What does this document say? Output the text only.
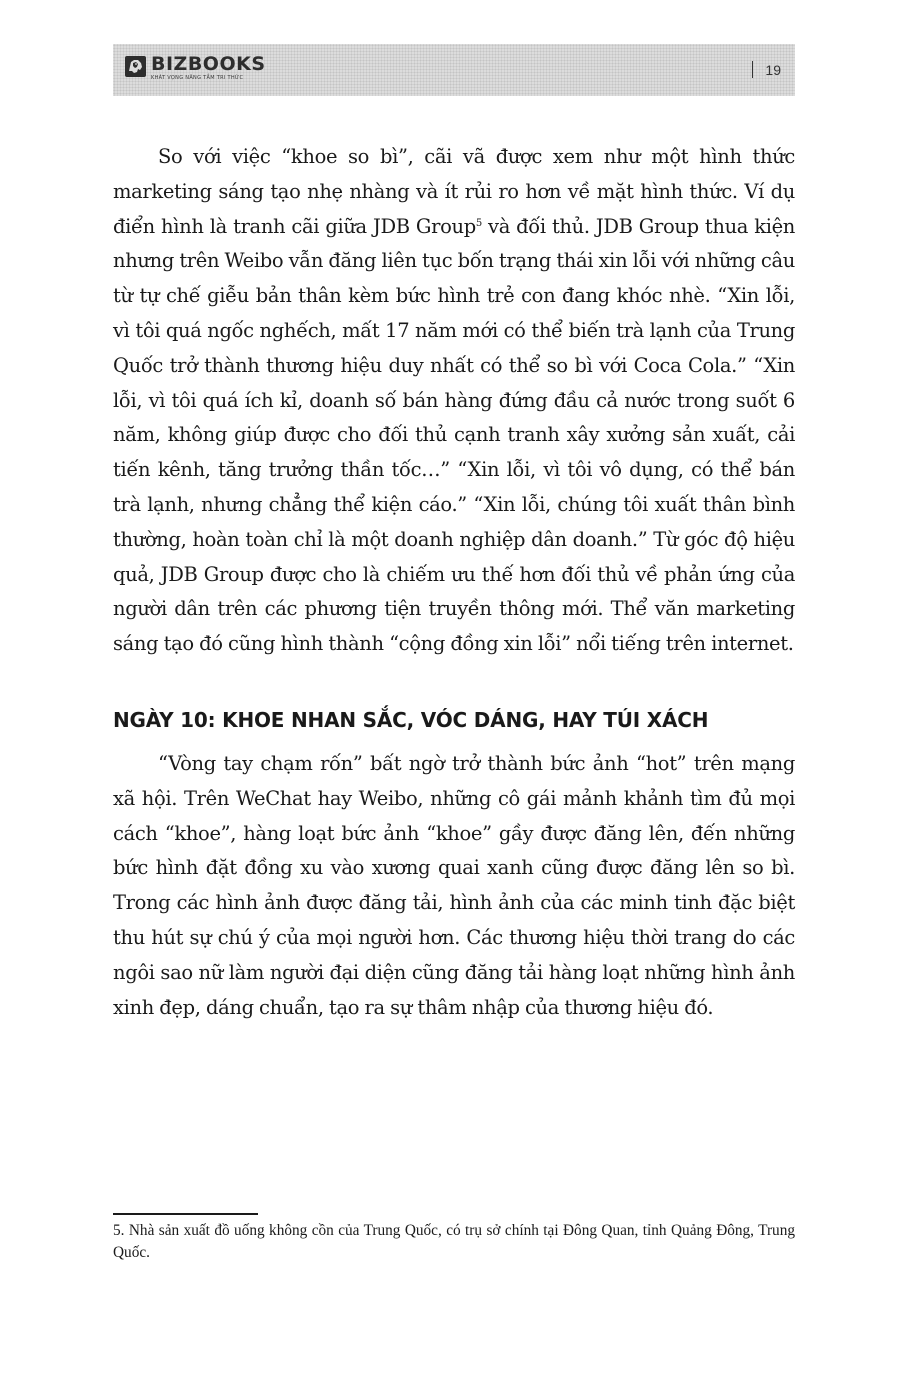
BIZBOOKS
KHÁT VỌNG NÂNG TẦM TRI THỨC
19

So với việc “khoe so bì”, cãi vã được xem như một hình thức marketing sáng tạo nhẹ nhàng và ít rủi ro hơn về mặt hình thức. Ví dụ điển hình là tranh cãi giữa JDB Group$^5$ và đối thủ. JDB Group thua kiện nhưng trên Weibo vẫn đăng liên tục bốn trạng thái xin lỗi với những câu từ tự chế giễu bản thân kèm bức hình trẻ con đang khóc nhè. “Xin lỗi, vì tôi quá ngốc nghếch, mất 17 năm mới có thể biến trà lạnh của Trung Quốc trở thành thương hiệu duy nhất có thể so bì với Coca Cola.” “Xin lỗi, vì tôi quá ích kỉ, doanh số bán hàng đứng đầu cả nước trong suốt 6 năm, không giúp được cho đối thủ cạnh tranh xây xưởng sản xuất, cải tiến kênh, tăng trưởng thần tốc…” “Xin lỗi, vì tôi vô dụng, có thể bán trà lạnh, nhưng chẳng thể kiện cáo.” “Xin lỗi, chúng tôi xuất thân bình thường, hoàn toàn chỉ là một doanh nghiệp dân doanh.” Từ góc độ hiệu quả, JDB Group được cho là chiếm ưu thế hơn đối thủ về phản ứng của người dân trên các phương tiện truyền thông mới. Thể văn marketing sáng tạo đó cũng hình thành “cộng đồng xin lỗi” nổi tiếng trên internet.

NGÀY 10: KHOE NHAN SẮC, VÓC DÁNG, HAY TÚI XÁCH

“Vòng tay chạm rốn” bất ngờ trở thành bức ảnh “hot” trên mạng xã hội. Trên WeChat hay Weibo, những cô gái mảnh khảnh tìm đủ mọi cách “khoe”, hàng loạt bức ảnh “khoe” gầy được đăng lên, đến những bức hình đặt đồng xu vào xương quai xanh cũng được đăng lên so bì. Trong các hình ảnh được đăng tải, hình ảnh của các minh tinh đặc biệt thu hút sự chú ý của mọi người hơn. Các thương hiệu thời trang do các ngôi sao nữ làm người đại diện cũng đăng tải hàng loạt những hình ảnh xinh đẹp, dáng chuẩn, tạo ra sự thâm nhập của thương hiệu đó.

5. Nhà sản xuất đồ uống không cồn của Trung Quốc, có trụ sở chính tại Đông Quan, tỉnh Quảng Đông, Trung Quốc.
